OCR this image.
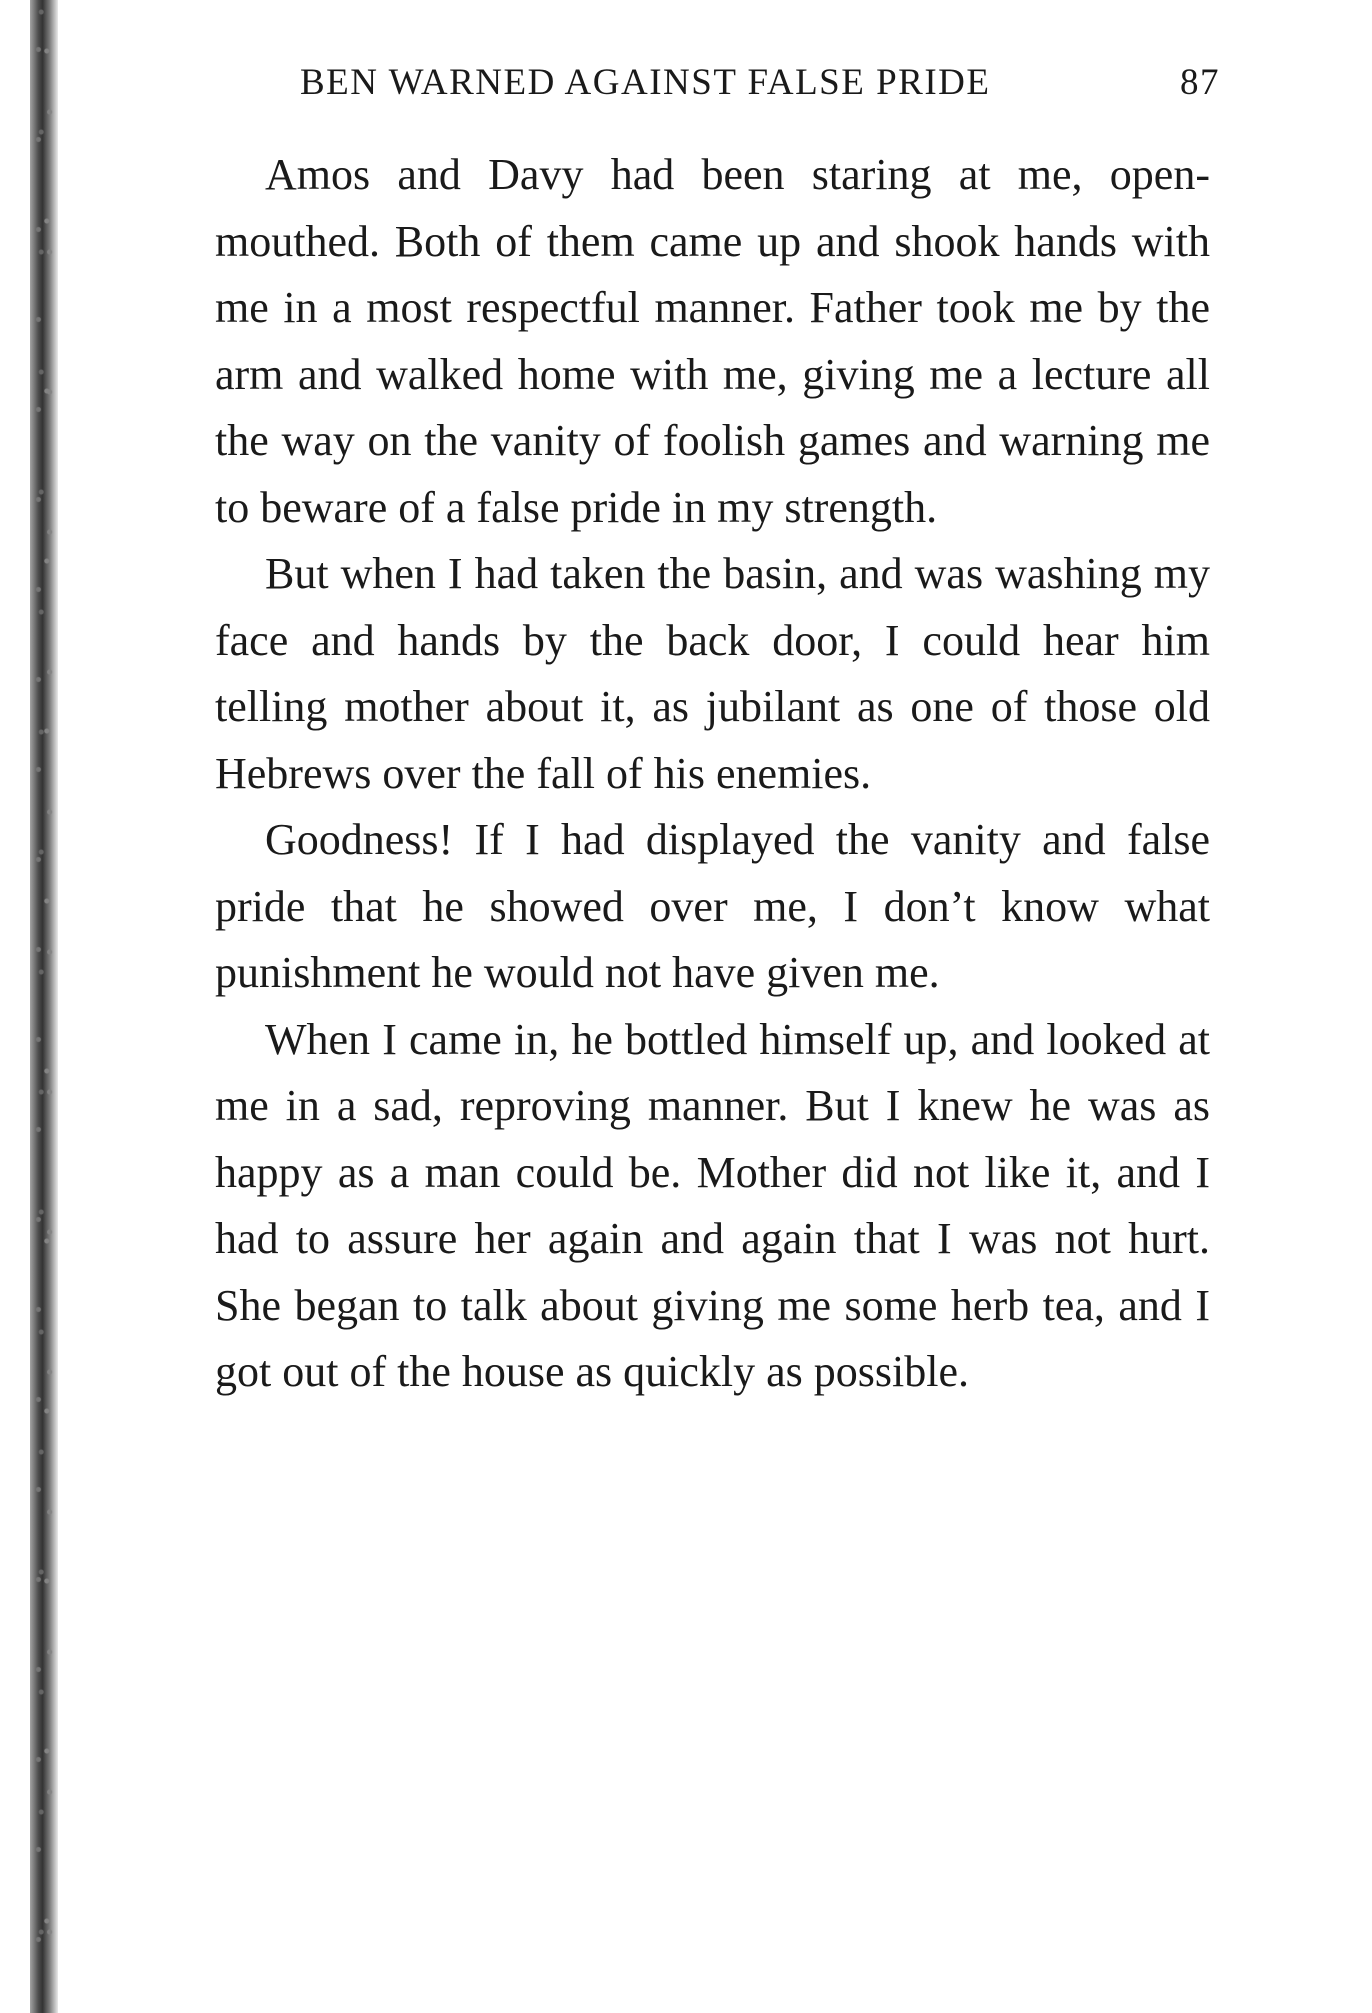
BEN WARNED AGAINST FALSE PRIDE	87

Amos and Davy had been staring at me, open-mouthed. Both of them came up and shook hands with me in a most respectful manner. Father took me by the arm and walked home with me, giving me a lecture all the way on the vanity of foolish games and warning me to beware of a false pride in my strength.

But when I had taken the basin, and was washing my face and hands by the back door, I could hear him telling mother about it, as jubilant as one of those old Hebrews over the fall of his enemies.

Goodness! If I had displayed the vanity and false pride that he showed over me, I don’t know what punishment he would not have given me.

When I came in, he bottled himself up, and looked at me in a sad, reproving manner. But I knew he was as happy as a man could be. Mother did not like it, and I had to assure her again and again that I was not hurt. She began to talk about giving me some herb tea, and I got out of the house as quickly as possible.
